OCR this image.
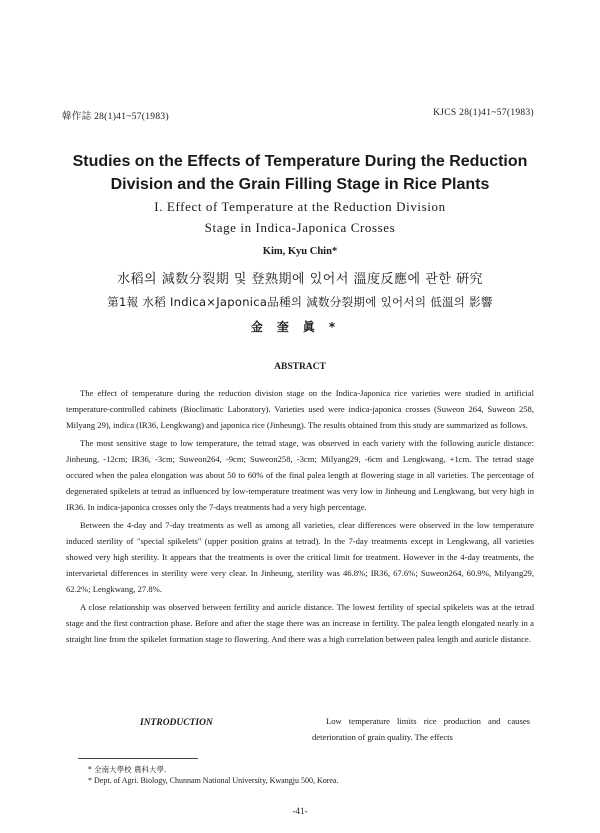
韓作誌 28(1)41~57(1983)	KJCS 28(1)41~57(1983)
Studies on the Effects of Temperature During the Reduction
Division and the Grain Filling Stage in Rice Plants
I. Effect of Temperature at the Reduction Division
Stage in Indica-Japonica Crosses
Kim, Kyu Chin*
水稻의 減数分裂期 및 登熟期에 있어서 溫度反應에 관한 硏究
第1報 水稻 Indica×Japonica品種의 減数分裂期에 있어서의 低溫의 影響
金奎眞*
ABSTRACT

The effect of temperature during the reduction division stage on the Indica-Japonica rice varieties were studied in artificial temperature-controlled cabinets (Bioclimatic Laboratory). Varieties used were indica-japonica crosses (Suweon 264, Suweon 258, Milyang 29), indica (IR36, Lengkwang) and japonica rice (Jinheung). The results obtained from this study are summarized as follows.

The most sensitive stage to low temperature, the tetrad stage, was observed in each variety with the following auricle distance: Jinheung, -12cm; IR36, -3cm; Suweon264, -9cm; Suweon258, -3cm; Milyang29, -6cm and Lengkwang, +1cm. The tetrad stage occured when the palea elongation was about 50 to 60% of the final palea length at flowering stage in all varieties. The percentage of degenerated spikelets at tetrad as influenced by low-temperature treatment was very low in Jinheung and Lengkwang, but very high in IR36. In indica-japonica crosses only the 7-days treatments had a very high percentage.

Between the 4-day and 7-day treatments as well as among all varieties, clear differences were observed in the low temperature induced sterility of "special spikelets" (upper position grains at tetrad). In the 7-day treatments except in Lengkwang, all varieties showed very high sterility. It appears that the treatments is over the critical limit for treatment. However in the 4-day treatments, the intervarietal differences in sterility were very clear. In Jinheung, sterility was 46.8%; IR36, 67.6%; Suweon264, 60.9%, Milyang29, 62.2%; Lengkwang, 27.8%.

A close relationship was observed between fertility and auricle distance. The lowest fertility of special spikelets was at the tetrad stage and the first contraction phase. Before and after the stage there was an increase in fertility. The palea length elongated nearly in a straight line from the spikelet formation stage to flowering. And there was a high correlation between palea length and auricle distance.

INTRODUCTION	Low temperature limits rice production and causes deterioration of grain quality. The effects
* 全南大學校 農科大學.
* Dept. of Agri. Biology, Chunnam National University, Kwangju 500, Korea.
-41-
